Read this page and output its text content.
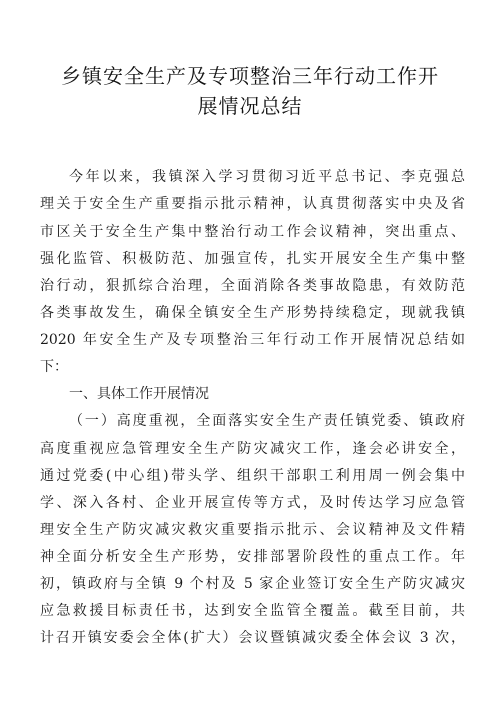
乡镇安全生产及专项整治三年行动工作开
展情况总结
今年以来，我镇深入学习贯彻习近平总书记、李克强总
理关于安全生产重要指示批示精神，认真贯彻落实中央及省
市区关于安全生产集中整治行动工作会议精神，突出重点、
强化监管、积极防范、加强宣传，扎实开展安全生产集中整
治行动，狠抓综合治理，全面消除各类事故隐患，有效防范
各类事故发生，确保全镇安全生产形势持续稳定，现就我镇
2020 年安全生产及专项整治三年行动工作开展情况总结如
下：
一、具体工作开展情况
（一）高度重视，全面落实安全生产责任镇党委、镇政府
高度重视应急管理安全生产防灾减灾工作，逢会必讲安全，
通过党委(中心组)带头学、组织干部职工利用周一例会集中
学、深入各村、企业开展宣传等方式，及时传达学习应急管
理安全生产防灾减灾救灾重要指示批示、会议精神及文件精
神全面分析安全生产形势，安排部署阶段性的重点工作。年
初，镇政府与全镇 9 个村及 5 家企业签订安全生产防灾减灾
应急救援目标责任书，达到安全监管全覆盖。截至目前，共
计召开镇安委会全体(扩大）会议暨镇减灾委全体会议 3 次，
